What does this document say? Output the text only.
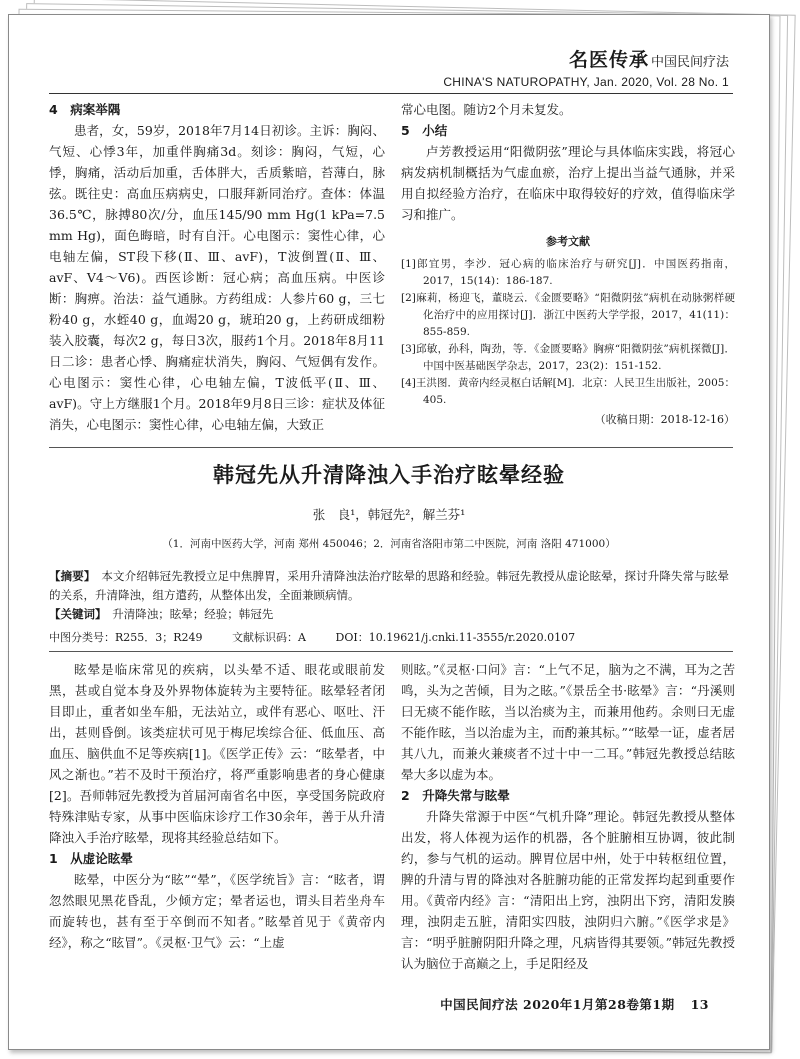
名医传承 中国民间疗法
CHINA'S NATUROPATHY, Jan. 2020, Vol. 28 No. 1
4　病案举隅

患者，女，59岁，2018年7月14日初诊。主诉：胸闷、气短、心悸3年，加重伴胸痛3d。刻诊：胸闷，气短，心悸，胸痛，活动后加重，舌体胖大，舌质紫暗，苔薄白，脉弦。既往史：高血压病病史，口服拜新同治疗。查体：体温36.5℃，脉搏80次/分，血压145/90 mm Hg(1 kPa=7.5 mm Hg)，面色晦暗，时有自汗。心电图示：窦性心律，心电轴左偏，ST段下移(Ⅱ、Ⅲ、avF)，T波倒置(Ⅱ、Ⅲ、avF、V4～V6)。西医诊断：冠心病；高血压病。中医诊断：胸痹。治法：益气通脉。方药组成：人参片60 g，三七粉40 g，水蛭40 g，血竭20 g，琥珀20 g，上药研成细粉装入胶囊，每次2 g，每日3次，服药1个月。2018年8月11日二诊：患者心悸、胸痛症状消失，胸闷、气短偶有发作。心电图示：窦性心律，心电轴左偏，T波低平(Ⅱ、Ⅲ、avF)。守上方继服1个月。2018年9月8日三诊：症状及体征消失，心电图示：窦性心律，心电轴左偏，大致正

常心电图。随访2个月未复发。

5　小结

卢芳教授运用“阳微阴弦”理论与具体临床实践，将冠心病发病机制概括为气虚血瘀，治疗上提出当益气通脉，并采用自拟经验方治疗，在临床中取得较好的疗效，值得临床学习和推广。

参考文献
[1]郎宜男，李沙．冠心病的临床治疗与研究[J]．中国医药指南，2017，15(14)：186-187.
[2]麻莉，杨迎飞，董晓云．《金匮要略》“阳微阴弦”病机在动脉粥样硬化治疗中的应用探讨[J]．浙江中医药大学学报，2017，41(11)：855-859.
[3]邱敏，孙科，陶劲，等．《金匮要略》胸痹“阳微阴弦”病机探微[J]．中国中医基础医学杂志，2017，23(2)：151-152.
[4]王洪图．黄帝内经灵枢白话解[M]．北京：人民卫生出版社，2005：405.
（收稿日期：2018-12-16）
韩冠先从升清降浊入手治疗眩晕经验
张　良¹，韩冠先²，解兰芬¹
（1．河南中医药大学，河南 郑州 450046；2．河南省洛阳市第二中医院，河南 洛阳 471000）

【摘要】　 本文介绍韩冠先教授立足中焦脾胃，采用升清降浊法治疗眩晕的思路和经验。韩冠先教授从虚论眩晕，探讨升降失常与眩晕的关系，升清降浊，组方遣药，从整体出发，全面兼顾病情。

【关键词】　 升清降浊；眩晕；经验；韩冠先

中图分类号：R255．3；R249	文献标识码：A	DOI：10.19621/j.cnki.11-3555/r.2020.0107

眩晕是临床常见的疾病，以头晕不适、眼花或眼前发黑，甚或自觉本身及外界物体旋转为主要特征。眩晕轻者闭目即止，重者如坐车船，无法站立，或伴有恶心、呕吐、汗出，甚则昏倒。该类症状可见于梅尼埃综合征、低血压、高血压、脑供血不足等疾病[1]。《医学正传》云：“眩晕者，中风之渐也。”若不及时干预治疗，将严重影响患者的身心健康[2]。吾师韩冠先教授为首届河南省名中医，享受国务院政府特殊津贴专家，从事中医临床诊疗工作30余年，善于从升清降浊入手治疗眩晕，现将其经验总结如下。

1　从虚论眩晕

眩晕，中医分为“眩”“晕”，《医学统旨》言：“眩者，谓忽然眼见黑花昏乱，少倾方定；晕者运也，谓头目若坐舟车而旋转也，甚有至于卒倒而不知者。”眩晕首见于《黄帝内经》，称之“眩冒”。《灵枢·卫气》云：“上虚

则眩。”《灵枢·口问》言：“上气不足，脑为之不满，耳为之苦鸣，头为之苦倾，目为之眩。”《景岳全书·眩晕》言：“丹溪则曰无痰不能作眩，当以治痰为主，而兼用他药。余则曰无虚不能作眩，当以治虚为主，而酌兼其标。”“眩晕一证，虚者居其八九，而兼火兼痰者不过十中一二耳。”韩冠先教授总结眩晕大多以虚为本。

2　升降失常与眩晕

升降失常源于中医“气机升降”理论。韩冠先教授从整体出发，将人体视为运作的机器，各个脏腑相互协调，彼此制约，参与气机的运动。脾胃位居中州，处于中转枢纽位置，脾的升清与胃的降浊对各脏腑功能的正常发挥均起到重要作用。《黄帝内经》言：“清阳出上窍，浊阴出下窍，清阳发腠理，浊阴走五脏，清阳实四肢，浊阴归六腑。”《医学求是》言：“明乎脏腑阴阳升降之理，凡病皆得其要领。”韩冠先教授认为脑位于高巅之上，手足阳经及

中国民间疗法 2020年1月第28卷第1期 13
